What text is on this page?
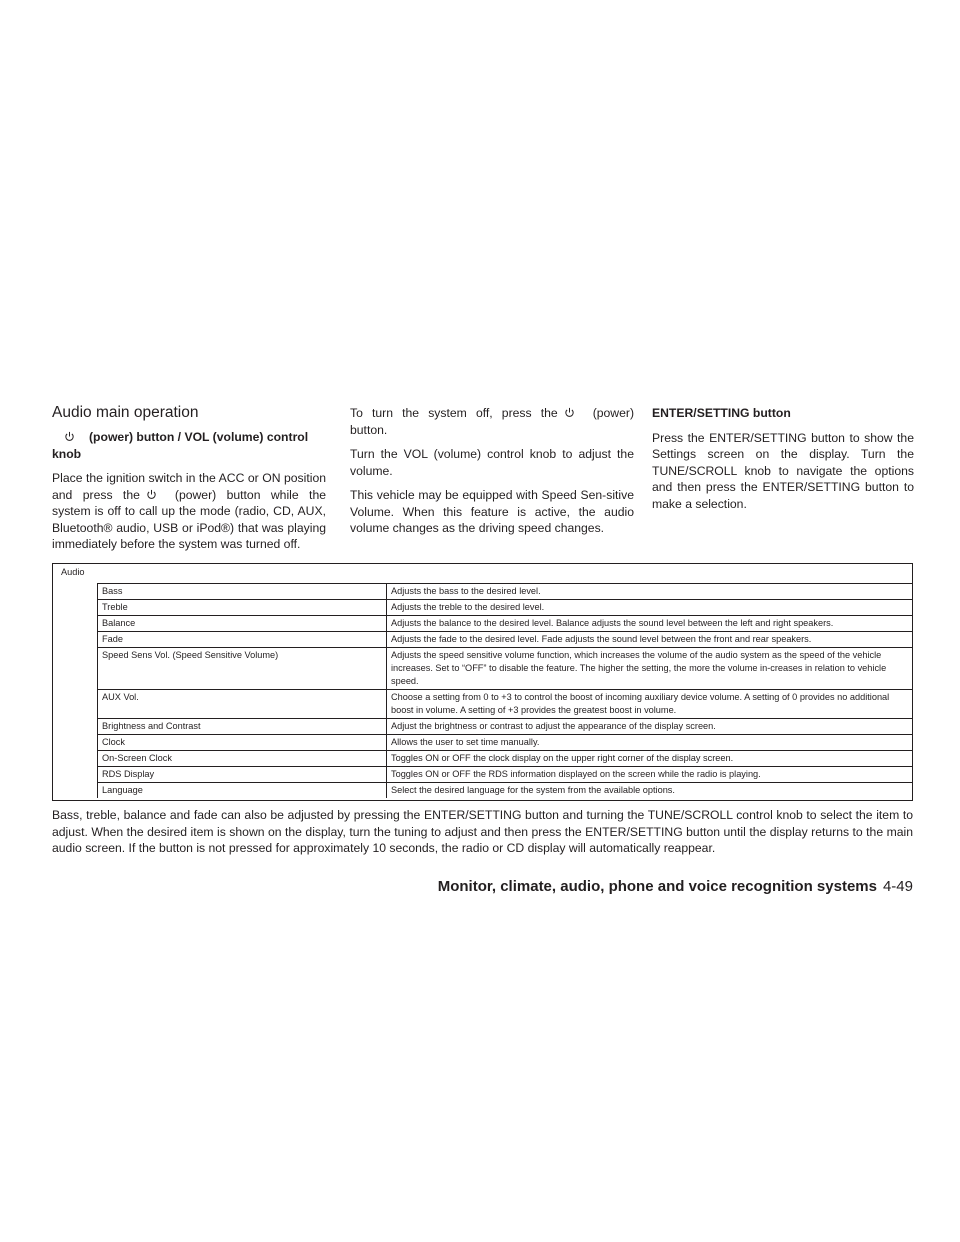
Audio main operation

(power) button / VOL (volume) control knob

Place the ignition switch in the ACC or ON position and press the	(power) button while the system is off to call up the mode (radio, CD, AUX, Bluetooth® audio, USB or iPod®) that was playing immediately before the system was turned off.

To turn the system off, press the	(power) button.

Turn the VOL (volume) control knob to adjust the volume.

This vehicle may be equipped with Speed Sen-sitive Volume. When this feature is active, the audio volume changes as the driving speed changes.

ENTER/SETTING button

Press the ENTER/SETTING button to show the Settings screen on the display. Turn the TUNE/SCROLL knob to navigate the options and then press the ENTER/SETTING button to make a selection.

Audio
Bass	Adjusts the bass to the desired level.
Treble	Adjusts the treble to the desired level.
Balance	Adjusts the balance to the desired level. Balance adjusts the sound level between the left and right speakers.
Fade	Adjusts the fade to the desired level. Fade adjusts the sound level between the front and rear speakers.
Speed Sens Vol. (Speed Sensitive Volume)	Adjusts the speed sensitive volume function, which increases the volume of the audio system as the speed of the vehicle increases. Set to “OFF” to disable the feature. The higher the setting, the more the volume in-creases in relation to vehicle speed.
AUX Vol.	Choose a setting from 0 to +3 to control the boost of incoming auxiliary device volume. A setting of 0 provides no additional boost in volume. A setting of +3 provides the greatest boost in volume.
Brightness and Contrast	Adjust the brightness or contrast to adjust the appearance of the display screen.
Clock	Allows the user to set time manually.
On-Screen Clock	Toggles ON or OFF the clock display on the upper right corner of the display screen.
RDS Display	Toggles ON or OFF the RDS information displayed on the screen while the radio is playing.
Language	Select the desired language for the system from the available options.

Bass, treble, balance and fade can also be adjusted by pressing the ENTER/SETTING button and turning the TUNE/SCROLL control knob to select the item to adjust. When the desired item is shown on the display, turn the tuning to adjust and then press the ENTER/SETTING button until the display returns to the main audio screen. If the button is not pressed for approximately 10 seconds, the radio or CD display will automatically reappear.

Monitor, climate, audio, phone and voice recognition systems 4-49
